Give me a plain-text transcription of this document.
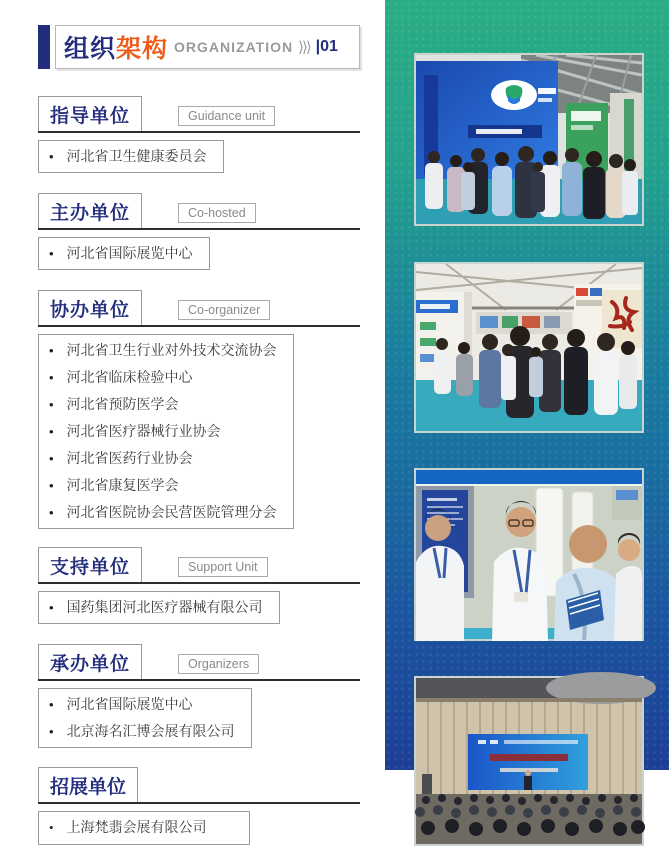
组织 架构 ORGANIZATION ⟩⟩⟩ |01
指导单位	Guidance unit
• 河北省卫生健康委员会
主办单位	Co-hosted
• 河北省国际展览中心
协办单位	Co-organizer
• 河北省卫生行业对外技术交流协会
• 河北省临床检验中心
• 河北省预防医学会
• 河北省医疗器械行业协会
• 河北省医药行业协会
• 河北省康复医学会
• 河北省医院协会民营医院管理分会
支持单位	Support Unit
• 国药集团河北医疗器械有限公司
承办单位	Organizers
• 河北省国际展览中心
• 北京海名汇博会展有限公司
招展单位
• 上海梵翡会展有限公司
